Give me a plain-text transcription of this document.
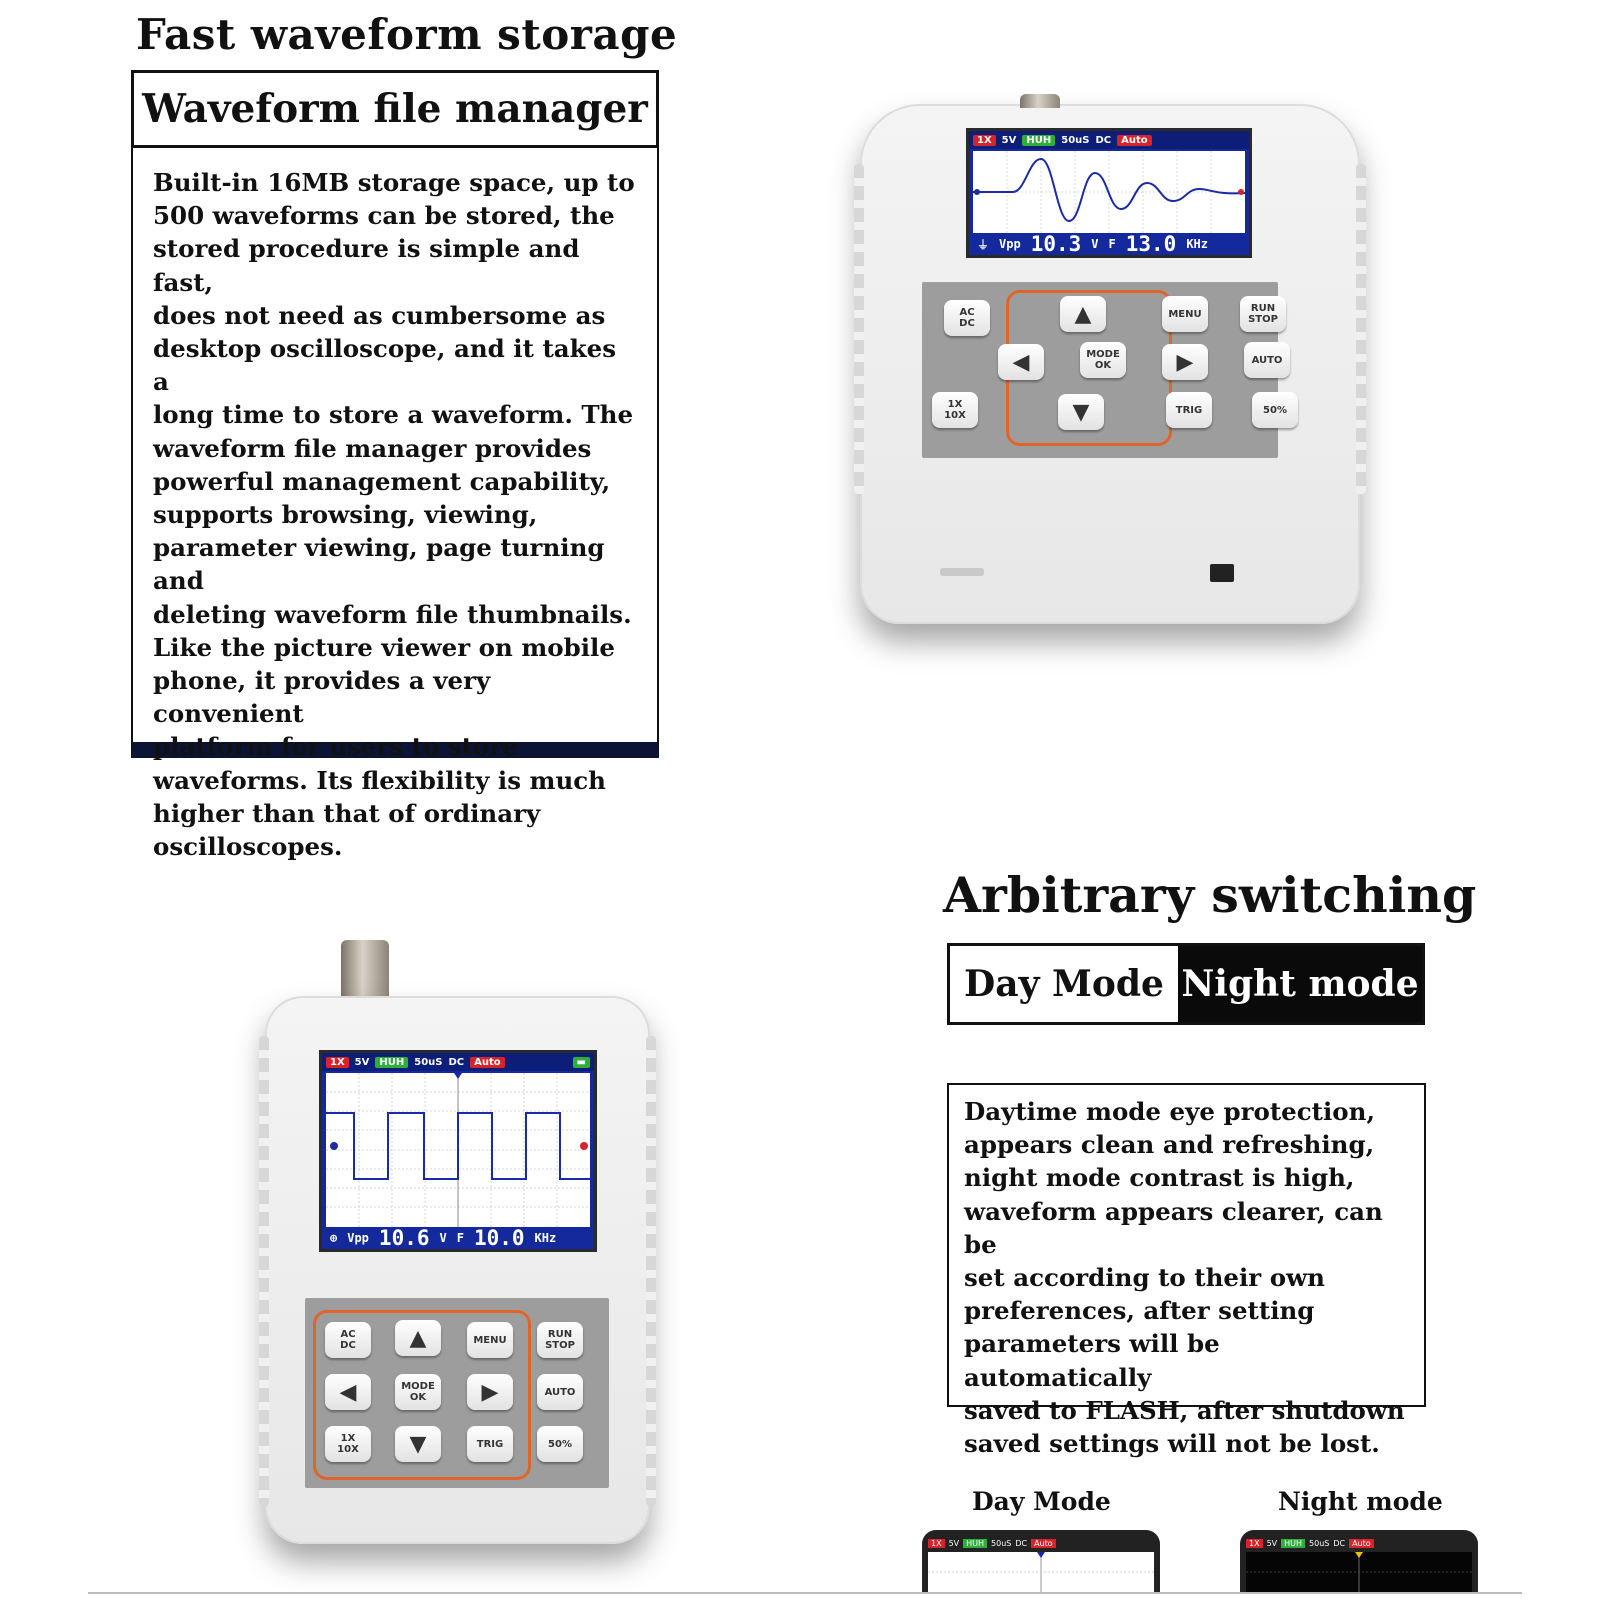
Fast waveform storage
Waveform file manager
Built-in 16MB storage space, up to
500 waveforms can be stored, the
stored procedure is simple and fast,
does not need as cumbersome as
desktop oscilloscope, and it takes a
long time to store a waveform. The
waveform file manager provides
powerful management capability,
supports browsing, viewing,
parameter viewing, page turning and
deleting waveform file thumbnails.
Like the picture viewer on mobile
phone, it provides a very convenient
platform for users to store
waveforms. Its flexibility is much
higher than that of ordinary
oscilloscopes.
1X	5V	HUH	50uS DC	Auto
⏚ Vpp 10.3 V F 13.0 KHz
AC
DC	▲	MENU	RUN
STOP
◀	MODE
OK	▶	AUTO
1X
10X	▼	TRIG	50%
1X	5V	HUH	50uS DC	Auto	▬
⊕ Vpp 10.6 V F 10.0 KHz
AC
DC	▲	MENU	RUN
STOP
◀	MODE
OK	▶	AUTO
1X
10X	▼	TRIG	50%
Arbitrary switching
Day Mode Night mode
Daytime mode eye protection,
appears clean and refreshing,
night mode contrast is high,
waveform appears clearer, can be
set according to their own
preferences, after setting
parameters will be automatically
saved to FLASH, after shutdown
saved settings will not be lost.
Day Mode	Night mode
1X 5V HUH 50uS DC Auto	1X 5V HUH 50uS DC Auto
